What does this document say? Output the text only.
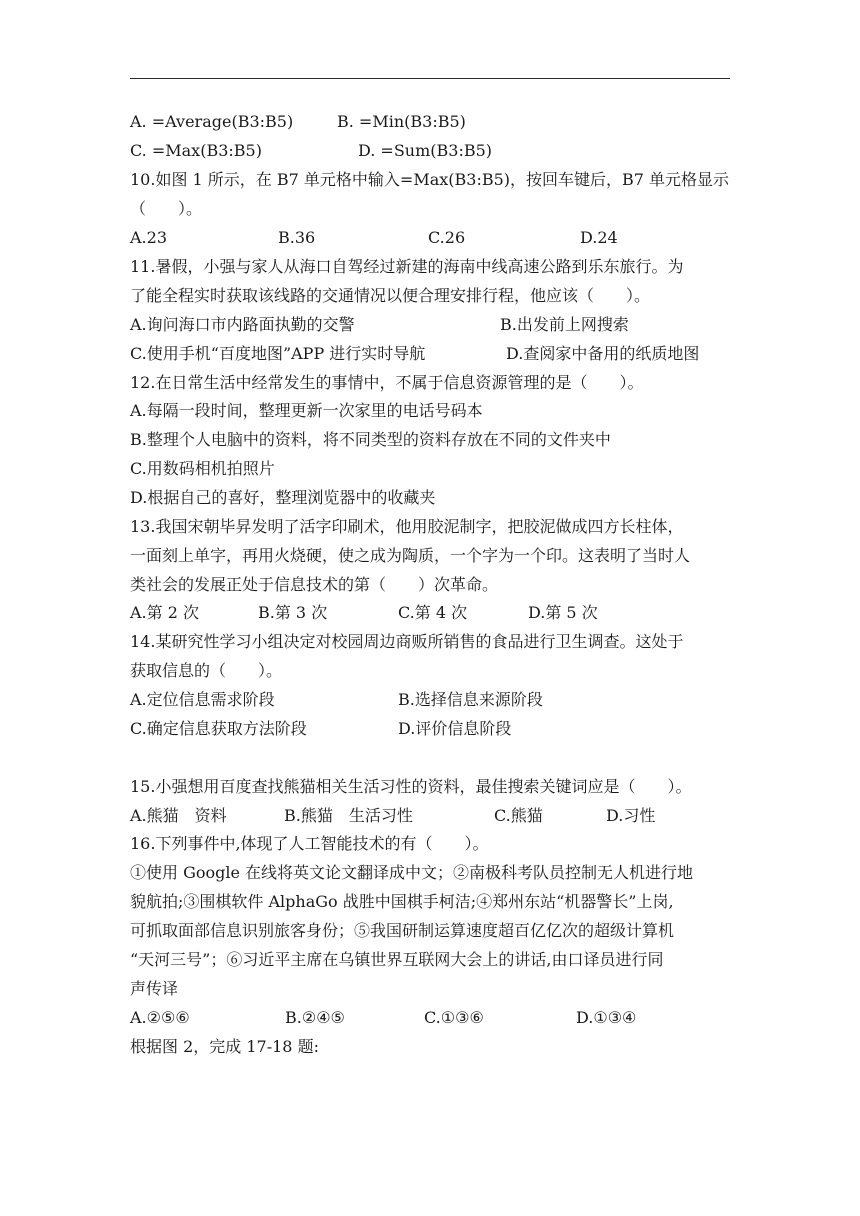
A. =Average(B3:B5)	B. =Min(B3:B5)
C. =Max(B3:B5)	D. =Sum(B3:B5)
10.如图 1 所示，在 B7 单元格中输入=Max(B3:B5)，按回车键后，B7 单元格显示
（　　）。
A.23	B.36	C.26	D.24
11.暑假，小强与家人从海口自驾经过新建的海南中线高速公路到乐东旅行。为
了能全程实时获取该线路的交通情况以便合理安排行程，他应该（　　）。
A.询问海口市内路面执勤的交警	B.出发前上网搜索
C.使用手机“百度地图”APP 进行实时导航	D.查阅家中备用的纸质地图
12.在日常生活中经常发生的事情中，不属于信息资源管理的是（　　）。
A.每隔一段时间，整理更新一次家里的电话号码本
B.整理个人电脑中的资料，将不同类型的资料存放在不同的文件夹中
C.用数码相机拍照片
D.根据自己的喜好，整理浏览器中的收藏夹
13.我国宋朝毕昇发明了活字印刷术，他用胶泥制字，把胶泥做成四方长柱体，
一面刻上单字，再用火烧硬，使之成为陶质，一个字为一个印。这表明了当时人
类社会的发展正处于信息技术的第（　　）次革命。
A.第 2 次	B.第 3 次	C.第 4 次	D.第 5 次
14.某研究性学习小组决定对校园周边商贩所销售的食品进行卫生调查。这处于
获取信息的（　　）。
A.定位信息需求阶段	B.选择信息来源阶段
C.确定信息获取方法阶段	D.评价信息阶段
15.小强想用百度查找熊猫相关生活习性的资料，最佳搜索关键词应是（　　）。
A.熊猫　资料	B.熊猫　生活习性	C.熊猫	D.习性
16.下列事件中,体现了人工智能技术的有（　　）。
①使用 Google 在线将英文论文翻译成中文；②南极科考队员控制无人机进行地
貌航拍;③围棋软件 AlphaGo 战胜中国棋手柯洁;④郑州东站“机器警长”上岗,
可抓取面部信息识别旅客身份；⑤我国研制运算速度超百亿亿次的超级计算机
“天河三号”；⑥习近平主席在乌镇世界互联网大会上的讲话,由口译员进行同
声传译
A.②⑤⑥	B.②④⑤	C.①③⑥	D.①③④
根据图 2，完成 17-18 题:
